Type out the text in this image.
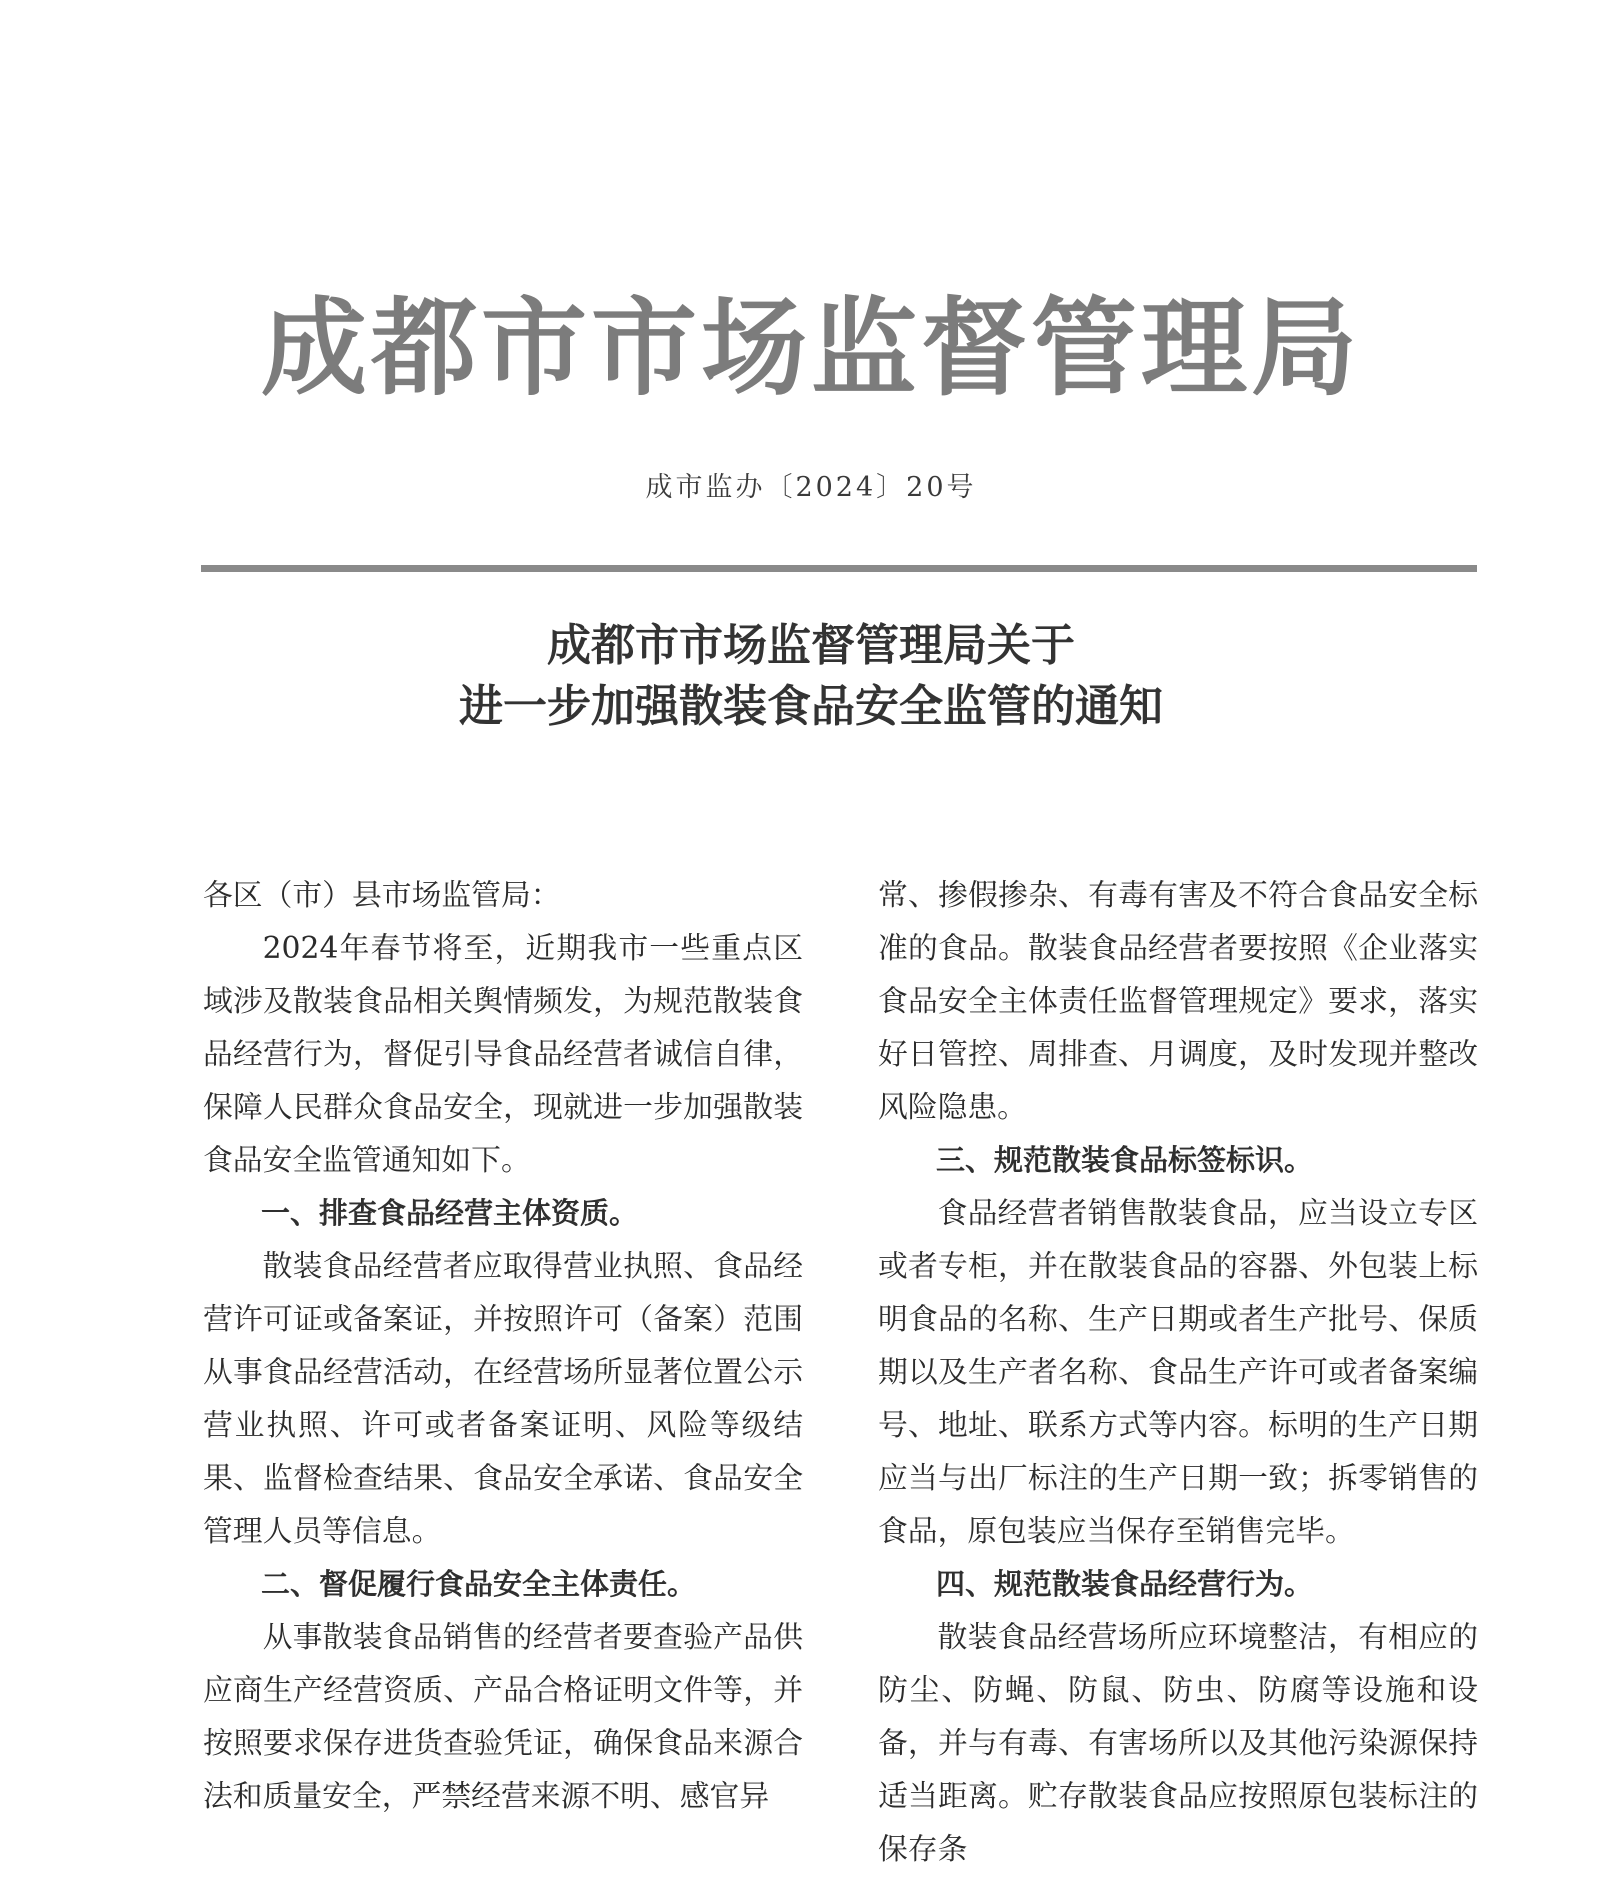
成都市市场监督管理局
成市监办〔2024〕20号
成都市市场监督管理局关于
进一步加强散装食品安全监管的通知

各区（市）县市场监管局：

2024年春节将至，近期我市一些重点区域涉及散装食品相关舆情频发，为规范散装食品经营行为，督促引导食品经营者诚信自律，保障人民群众食品安全，现就进一步加强散装食品安全监管通知如下。

一、排查食品经营主体资质。

散装食品经营者应取得营业执照、食品经营许可证或备案证，并按照许可（备案）范围从事食品经营活动，在经营场所显著位置公示营业执照、许可或者备案证明、风险等级结果、监督检查结果、食品安全承诺、食品安全管理人员等信息。

二、督促履行食品安全主体责任。

从事散装食品销售的经营者要查验产品供应商生产经营资质、产品合格证明文件等，并按照要求保存进货查验凭证，确保食品来源合法和质量安全，严禁经营来源不明、感官异

常、掺假掺杂、有毒有害及不符合食品安全标准的食品。散装食品经营者要按照《企业落实食品安全主体责任监督管理规定》要求，落实好日管控、周排查、月调度，及时发现并整改风险隐患。

三、规范散装食品标签标识。

食品经营者销售散装食品，应当设立专区或者专柜，并在散装食品的容器、外包装上标明食品的名称、生产日期或者生产批号、保质期以及生产者名称、食品生产许可或者备案编号、地址、联系方式等内容。标明的生产日期应当与出厂标注的生产日期一致；拆零销售的食品，原包装应当保存至销售完毕。

四、规范散装食品经营行为。

散装食品经营场所应环境整洁，有相应的防尘、防蝇、防鼠、防虫、防腐等设施和设备，并与有毒、有害场所以及其他污染源保持适当距离。贮存散装食品应按照原包装标注的保存条
